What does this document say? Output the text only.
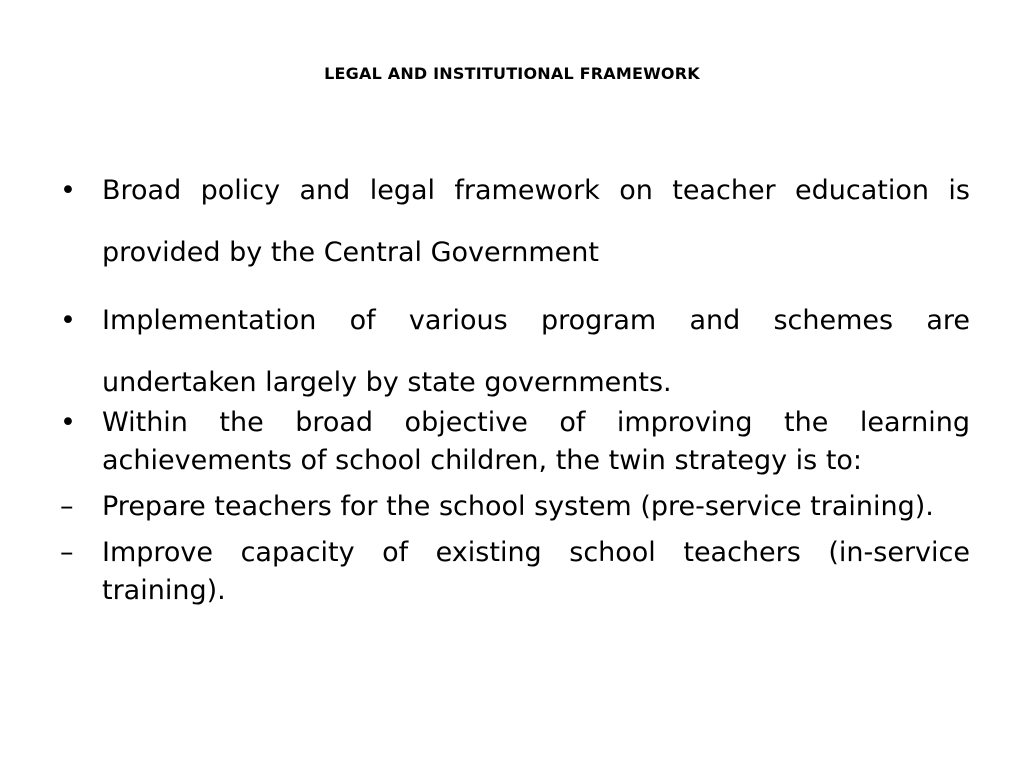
LEGAL AND INSTITUTIONAL FRAMEWORK
• Broad policy and legal framework on teacher education is provided by the Central Government
• Implementation of various program and schemes are undertaken largely by state governments.
• Within the broad objective of improving the learning achievements of school children, the twin strategy is to:
– Prepare teachers for the school system (pre-service training).
– Improve capacity of existing school teachers (in-service training).
